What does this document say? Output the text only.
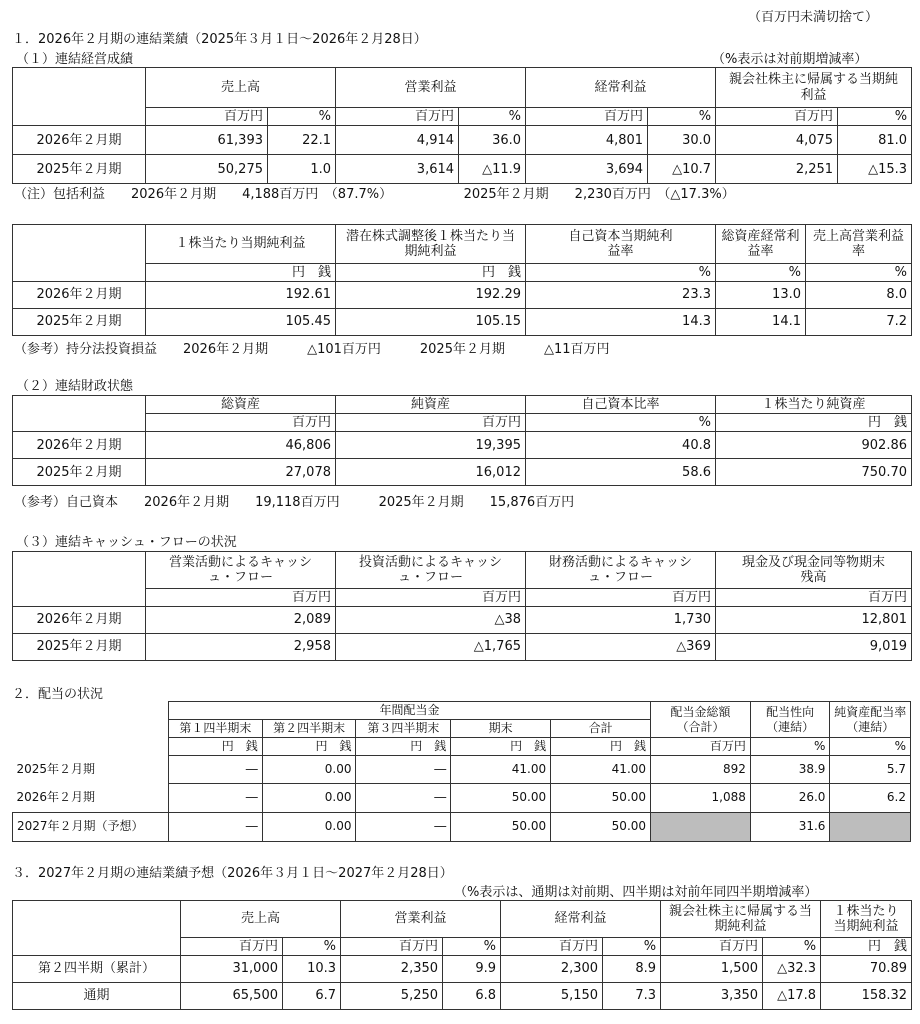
（百万円未満切捨て）
１．2026年２月期の連結業績（2025年３月１日～2026年２月28日）
（１）連結経営成績	（%表示は対前期増減率）
	売上高		営業利益		経常利益		親会社株主に帰属する当期純利益	
	百万円	%	百万円	%	百万円	%	百万円	%
2026年２月期	61,393	22.1	4,914	36.0	4,801	30.0	4,075	81.0
2025年２月期	50,275	1.0	3,614	△11.9	3,694	△10.7	2,251	△15.3
（注）包括利益　　2026年２月期　　4,188百万円　（87.7%）　　　　　　2025年２月期　　2,230百万円　（△17.3%）
	１株当たり当期純利益	潜在株式調整後１株当たり当期純利益	自己資本当期純利益率	総資産経常利益率	売上高営業利益率
	円　銭	円　銭	%	%	%
2026年２月期	192.61	192.29	23.3	13.0	8.0
2025年２月期	105.45	105.15	14.3	14.1	7.2
（参考）持分法投資損益　　2026年２月期　　　△101百万円　　　2025年２月期　　　△11百万円
（２）連結財政状態
	総資産	純資産	自己資本比率	１株当たり純資産
	百万円	百万円	%	円　銭
2026年２月期	46,806	19,395	40.8	902.86
2025年２月期	27,078	16,012	58.6	750.70
（参考）自己資本　　2026年２月期　　19,118百万円　　　2025年２月期　　15,876百万円
（３）連結キャッシュ・フローの状況
	営業活動によるキャッシュ・フロー	投資活動によるキャッシュ・フロー	財務活動によるキャッシュ・フロー	現金及び現金同等物期末残高
	百万円	百万円	百万円	百万円
2026年２月期	2,089	△38	1,730	12,801
2025年２月期	2,958	△1,765	△369	9,019
２．配当の状況
	年間配当金					配当金総額（合計）	配当性向（連結）	純資産配当率（連結）
	第１四半期末	第２四半期末	第３四半期末	期末	合計			
	円　銭	円　銭	円　銭	円　銭	円　銭	百万円	%	%
2025年２月期	―	0.00	―	41.00	41.00	892	38.9	5.7
2026年２月期	―	0.00	―	50.00	50.00	1,088	26.0	6.2
2027年２月期（予想）	―	0.00	―	50.00	50.00		31.6	
３．2027年２月期の連結業績予想（2026年３月１日～2027年２月28日）
（%表示は、通期は対前期、四半期は対前年同四半期増減率）
	売上高		営業利益		経常利益		親会社株主に帰属する当期純利益		１株当たり当期純利益
	百万円	%	百万円	%	百万円	%	百万円	%	円　銭
第２四半期（累計）	31,000	10.3	2,350	9.9	2,300	8.9	1,500	△32.3	70.89
通期	65,500	6.7	5,250	6.8	5,150	7.3	3,350	△17.8	158.32
